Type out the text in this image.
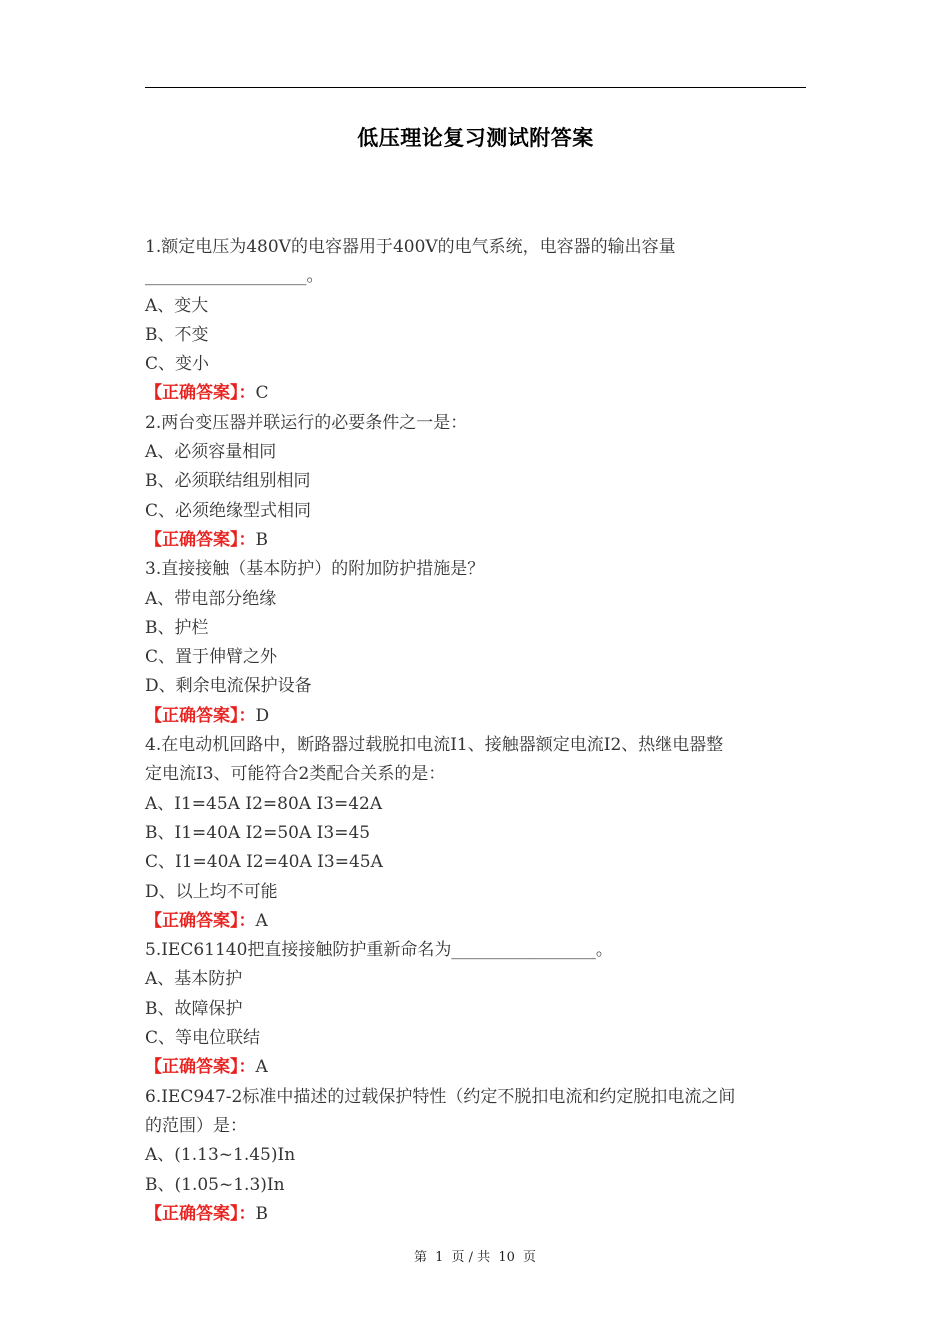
低压理论复习测试附答案
1.额定电压为480V的电容器用于400V的电气系统，电容器的输出容量
___________________。
A、变大
B、不变
C、变小
【正确答案】：C
2.两台变压器并联运行的必要条件之一是：
A、必须容量相同
B、必须联结组别相同
C、必须绝缘型式相同
【正确答案】：B
3.直接接触（基本防护）的附加防护措施是？
A、带电部分绝缘
B、护栏
C、置于伸臂之外
D、剩余电流保护设备
【正确答案】：D
4.在电动机回路中，断路器过载脱扣电流I1、接触器额定电流I2、热继电器整
定电流I3、可能符合2类配合关系的是：
A、I1=45A I2=80A I3=42A
B、I1=40A I2=50A I3=45
C、I1=40A I2=40A I3=45A
D、以上均不可能
【正确答案】：A
5.IEC61140把直接接触防护重新命名为_________________。
A、基本防护
B、故障保护
C、等电位联结
【正确答案】：A
6.IEC947-2标准中描述的过载保护特性（约定不脱扣电流和约定脱扣电流之间
的范围）是：
A、(1.13~1.45)In
B、(1.05~1.3)In
【正确答案】：B
第 1 页 / 共 10 页
